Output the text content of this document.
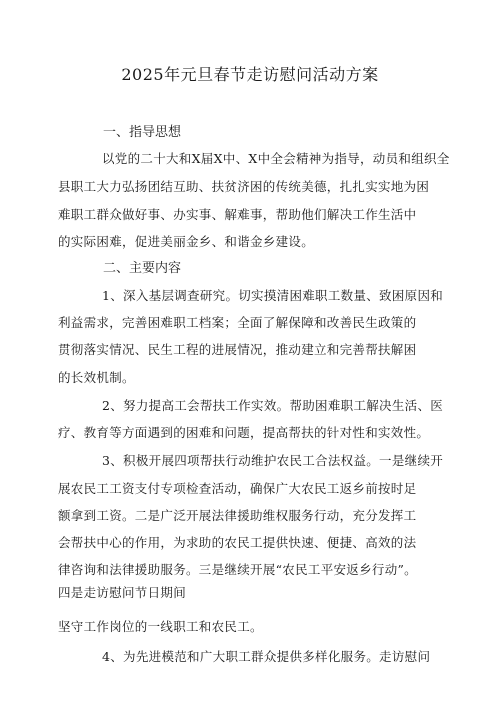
2025年元旦春节走访慰问活动方案
一、指导思想
以党的二十大和X届X中、X中全会精神为指导，动员和组织全
县职工大力弘扬团结互助、扶贫济困的传统美德，扎扎实实地为困
难职工群众做好事、办实事、解难事，帮助他们解决工作生活中
的实际困难，促进美丽金乡、和谐金乡建设。
二、主要内容
1、深入基层调查研究。切实摸清困难职工数量、致困原因和
利益需求，完善困难职工档案；全面了解保障和改善民生政策的
贯彻落实情况、民生工程的进展情况，推动建立和完善帮扶解困
的长效机制。
2、努力提高工会帮扶工作实效。帮助困难职工解决生活、医
疗、教育等方面遇到的困难和问题，提高帮扶的针对性和实效性。
3、积极开展四项帮扶行动维护农民工合法权益。一是继续开
展农民工工资支付专项检查活动，确保广大农民工返乡前按时足
额拿到工资。二是广泛开展法律援助维权服务行动，充分发挥工
会帮扶中心的作用，为求助的农民工提供快速、便捷、高效的法
律咨询和法律援助服务。三是继续开展“农民工平安返乡行动”。
四是走访慰问节日期间
坚守工作岗位的一线职工和农民工。
4、为先进模范和广大职工群众提供多样化服务。走访慰问
